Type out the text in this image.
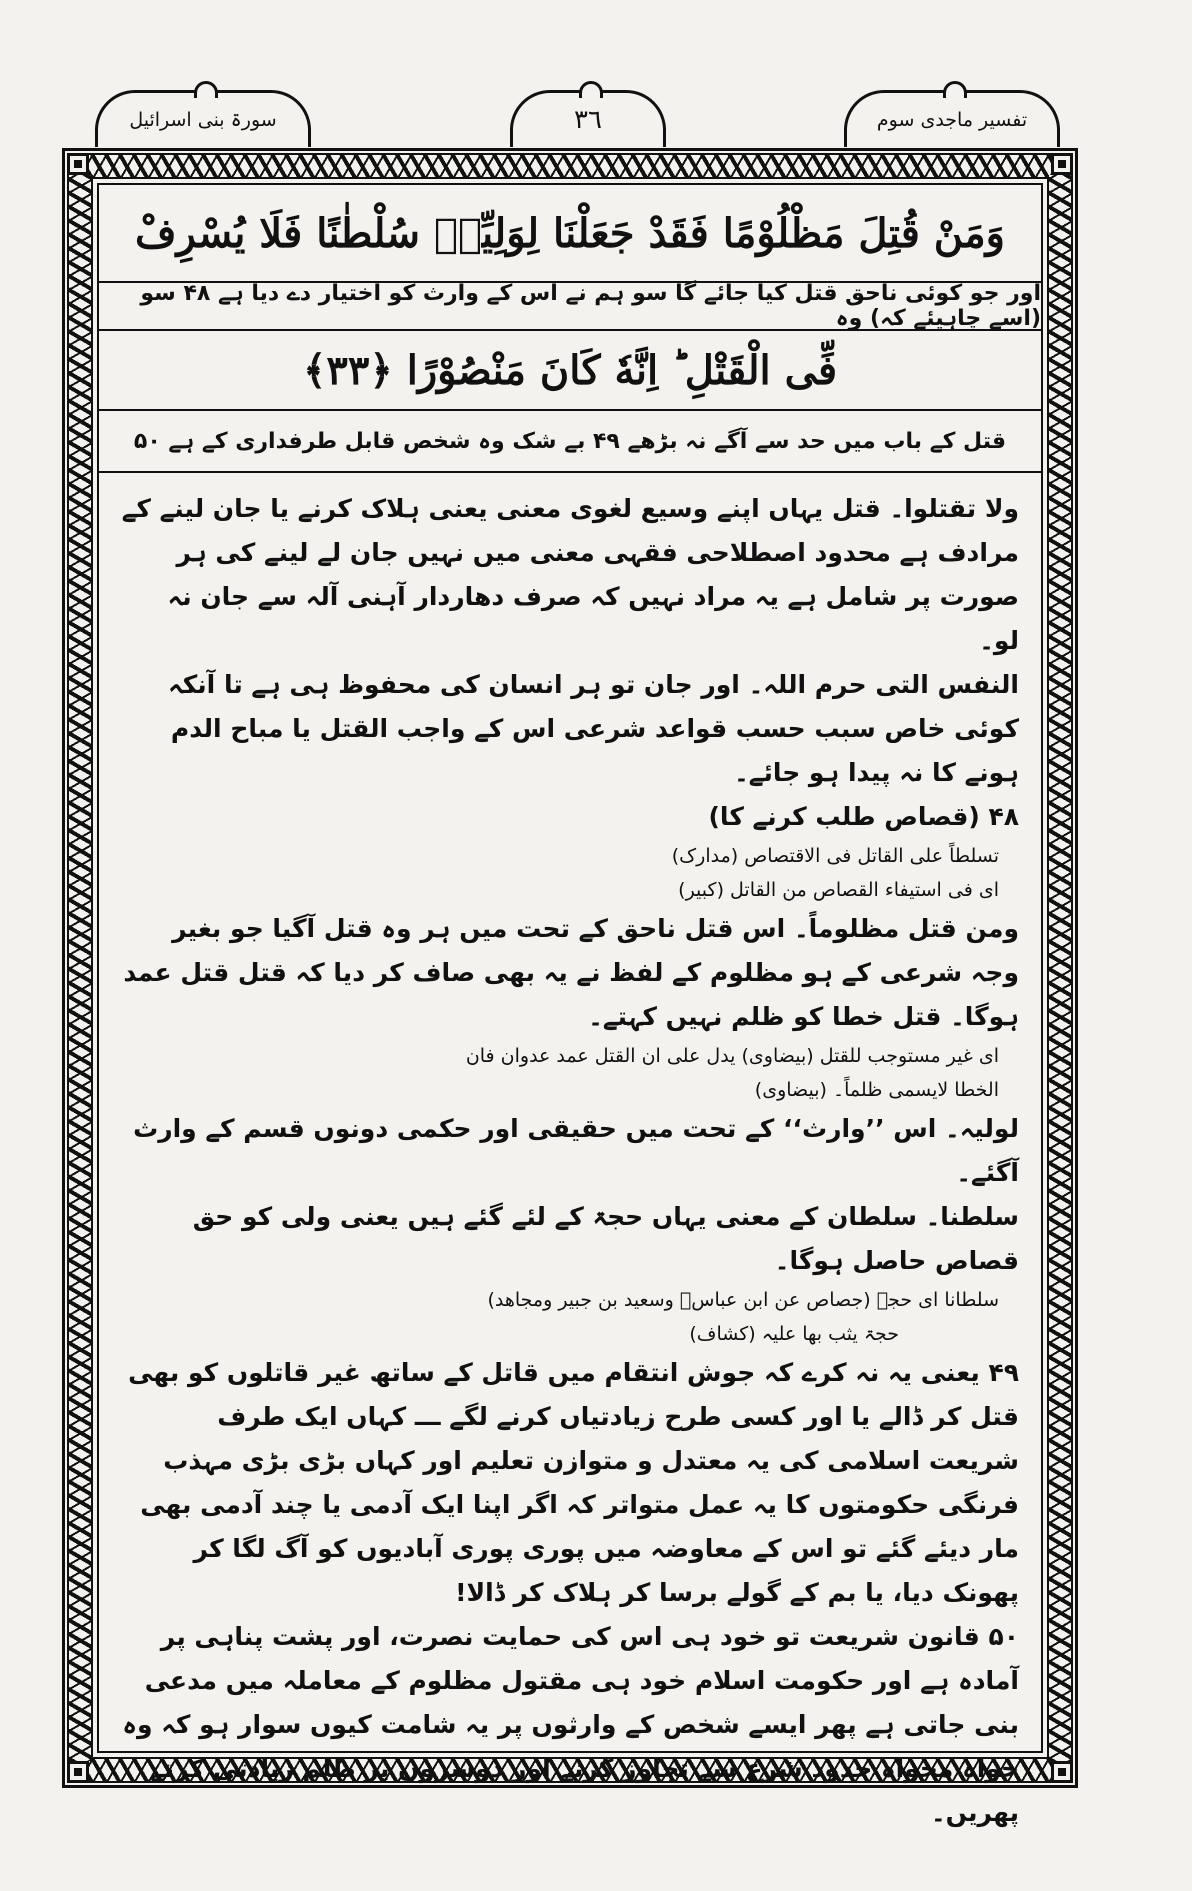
تفسیر ماجدی سوم
٣٦
سورۃ بنی اسرائیل
وَمَنْ قُتِلَ مَظْلُوْمًا فَقَدْ جَعَلْنَا لِوَلِيِّهٖ سُلْطٰنًا فَلَا يُسْرِفْ
اور جو کوئی ناحق قتل کیا جائے گا سو ہم نے اس کے وارث کو اختیار دے دیا ہے ۴۸ سو (اسے چاہیئے کہ) وہ
فِّی الْقَتْلِ ؕ اِنَّهٗ كَانَ مَنْصُوْرًا ﴿۳۳﴾
قتل کے باب میں حد سے آگے نہ بڑھے ۴۹ بے شک وہ شخص قابل طرفداری کے ہے ۵۰

ولا تقتلوا۔ قتل یہاں اپنے وسیع لغوی معنی یعنی ہلاک کرنے یا جان لینے کے مرادف ہے محدود اصطلاحی فقہی معنی میں نہیں جان لے لینے کی ہر صورت پر شامل ہے یہ مراد نہیں کہ صرف دھاردار آہنی آلہ سے جان نہ لو۔

النفس التی حرم اللہ۔ اور جان تو ہر انسان کی محفوظ ہی ہے تا آنکہ کوئی خاص سبب حسب قواعد شرعی اس کے واجب القتل یا مباح الدم ہونے کا نہ پیدا ہو جائے۔

۴۸ (قصاص طلب کرنے کا)

تسلطاً علی القاتل فی الاقتصاص (مدارک)

ای فی استیفاء القصاص من القاتل (کبیر)

ومن قتل مظلوماً۔ اس قتل ناحق کے تحت میں ہر وہ قتل آگیا جو بغیر وجہ شرعی کے ہو مظلوم کے لفظ نے یہ بھی صاف کر دیا کہ قتل قتل عمد ہوگا۔ قتل خطا کو ظلم نہیں کہتے۔

ای غیر مستوجب للقتل (بیضاوی) یدل علی ان القتل عمد عدوان فان

الخطا لایسمی ظلماً۔ (بیضاوی)

لولیہ۔ اس ’’وارث‘‘ کے تحت میں حقیقی اور حکمی دونوں قسم کے وارث آگئے۔

سلطنا۔ سلطان کے معنی یہاں حجۃ کے لئے گئے ہیں یعنی ولی کو حق قصاص حاصل ہوگا۔

سلطانا ای حجۃ (جصاص عن ابن عباسؓ وسعید بن جبیر ومجاھد)

حجۃ یثب بھا علیہ (کشاف)

۴۹ یعنی یہ نہ کرے کہ جوش انتقام میں قاتل کے ساتھ غیر قاتلوں کو بھی قتل کر ڈالے یا اور کسی طرح زیادتیاں کرنے لگے ـــ کہاں ایک طرف شریعت اسلامی کی یہ معتدل و متوازن تعلیم اور کہاں بڑی بڑی مہذب فرنگی حکومتوں کا یہ عمل متواتر کہ اگر اپنا ایک آدمی یا چند آدمی بھی مار دیئے گئے تو اس کے معاوضہ میں پوری پوری آبادیوں کو آگ لگا کر پھونک دیا، یا بم کے گولے برسا کر ہلاک کر ڈالا!

۵۰ قانون شریعت تو خود ہی اس کی حمایت نصرت، اور پشت پناہی پر آمادہ ہے اور حکومت اسلام خود ہی مقتول مظلوم کے معاملہ میں مدعی بنی جاتی ہے پھر ایسے شخص کے وارثوں پر یہ شامت کیوں سوار ہو کہ وہ خواہ مخواہ حدود شرع سے تجاوز کرنے اور دوسروں پر ظلم زیادتی کرتے پھریں۔
